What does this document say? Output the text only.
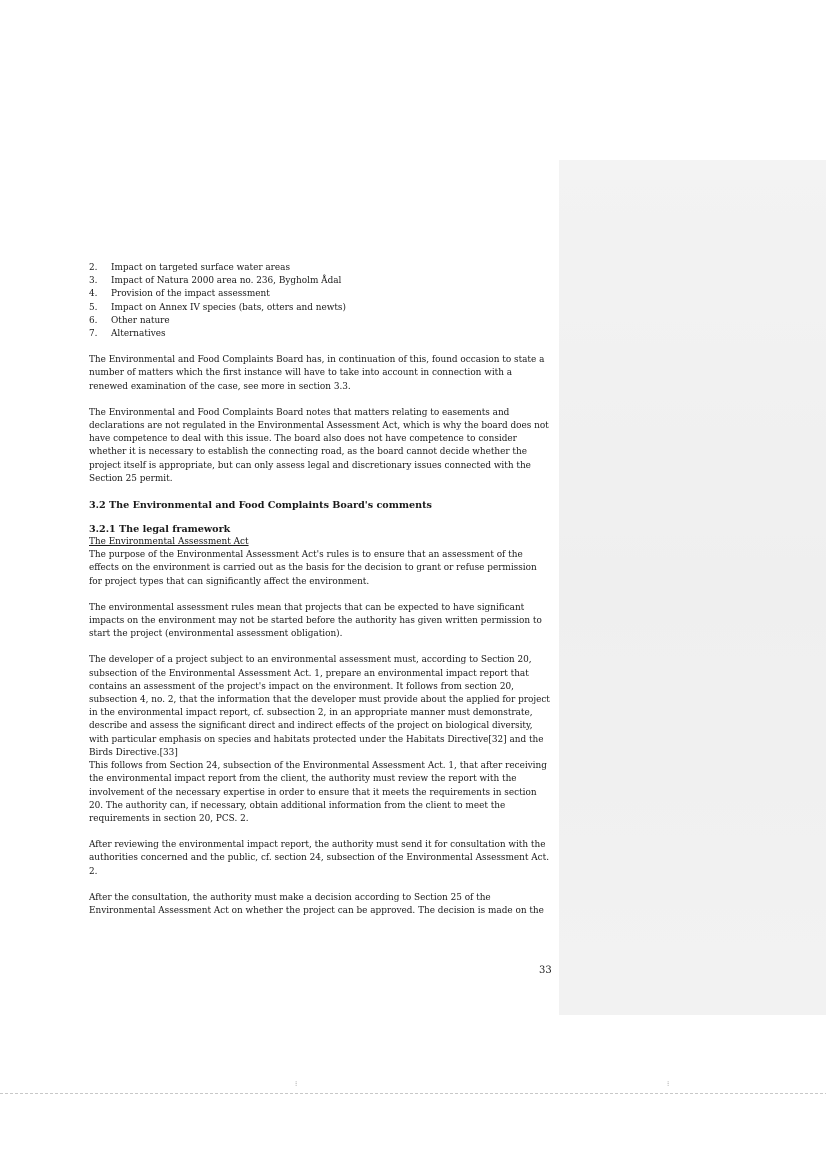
2.	Impact on targeted surface water areas
3.	Impact of Natura 2000 area no. 236, Bygholm Ådal
4.	Provision of the impact assessment
5.	Impact on Annex IV species (bats, otters and newts)
6.	Other nature
7.	Alternatives

The Environmental and Food Complaints Board has, in continuation of this, found occasion to state a number of matters which the first instance will have to take into account in connection with a renewed examination of the case, see more in section 3.3.

The Environmental and Food Complaints Board notes that matters relating to easements and declarations are not regulated in the Environmental Assessment Act, which is why the board does not have competence to deal with this issue. The board also does not have competence to consider whether it is necessary to establish the connecting road, as the board cannot decide whether the project itself is appropriate, but can only assess legal and discretionary issues connected with the Section 25 permit.

3.2 The Environmental and Food Complaints Board's comments
3.2.1 The legal framework
The Environmental Assessment Act

The purpose of the Environmental Assessment Act's rules is to ensure that an assessment of the effects on the environment is carried out as the basis for the decision to grant or refuse permission for project types that can significantly affect the environment.

The environmental assessment rules mean that projects that can be expected to have significant impacts on the environment may not be started before the authority has given written permission to start the project (environmental assessment obligation).

The developer of a project subject to an environmental assessment must, according to Section 20, subsection of the Environmental Assessment Act. 1, prepare an environmental impact report that contains an assessment of the project's impact on the environment. It follows from section 20, subsection 4, no. 2, that the information that the developer must provide about the applied for project in the environmental impact report, cf. subsection 2, in an appropriate manner must demonstrate, describe and assess the significant direct and indirect effects of the project on biological diversity, with particular emphasis on species and habitats protected under the Habitats Directive[32] and the Birds Directive.[33]

This follows from Section 24, subsection of the Environmental Assessment Act. 1, that after receiving the environmental impact report from the client, the authority must review the report with the involvement of the necessary expertise in order to ensure that it meets the requirements in section 20. The authority can, if necessary, obtain additional information from the client to meet the requirements in section 20, PCS. 2.

After reviewing the environmental impact report, the authority must send it for consultation with the authorities concerned and the public, cf. section 24, subsection of the Environmental Assessment Act. 2.

After the consultation, the authority must make a decision according to Section 25 of the Environmental Assessment Act on whether the project can be approved. The decision is made on the

33
⁝	⁝
